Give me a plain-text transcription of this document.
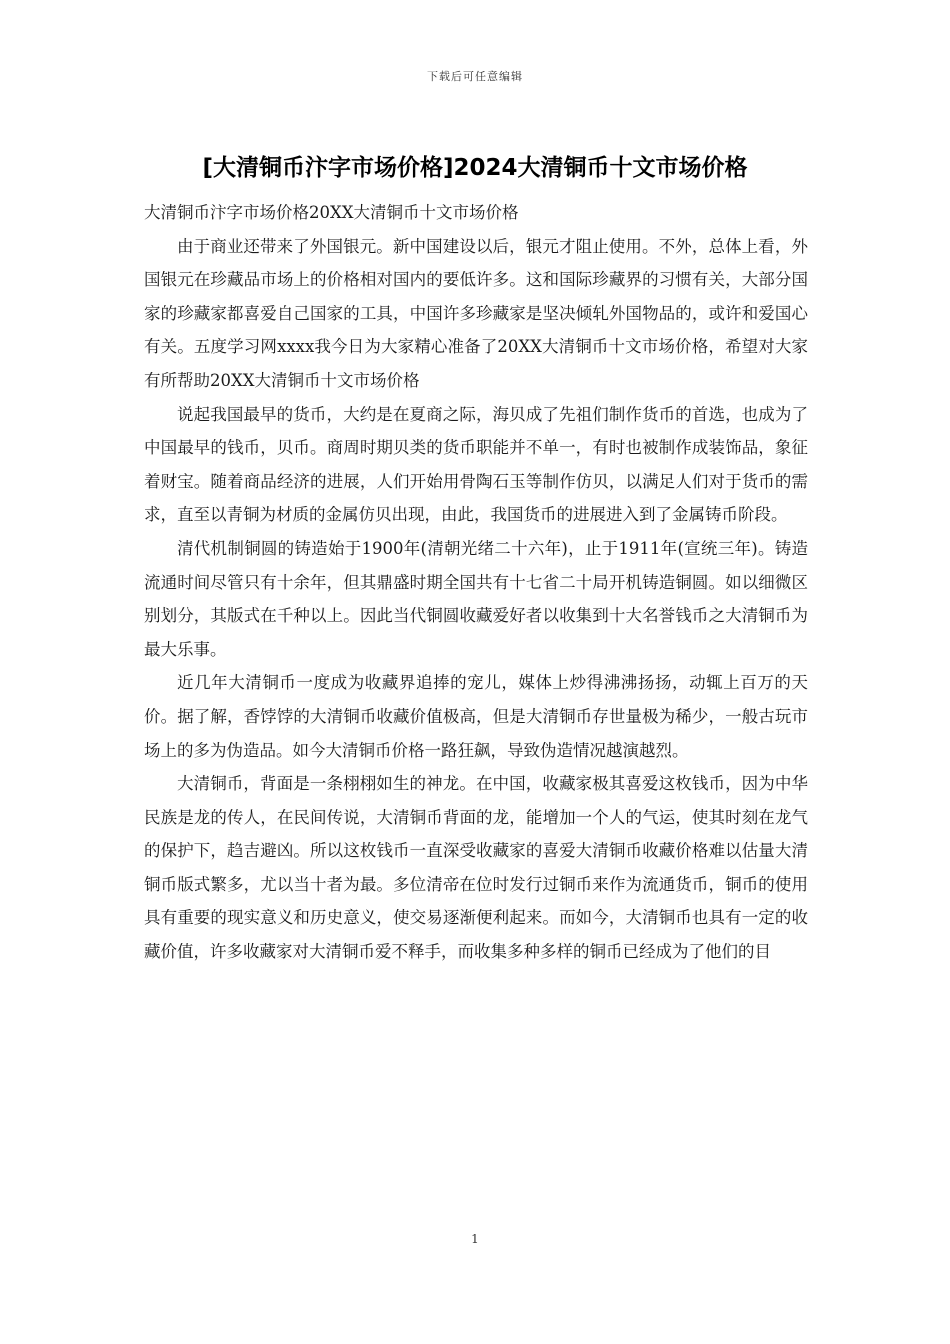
下载后可任意编辑
[大清铜币汴字市场价格]2024大清铜币十文市场价格

大清铜币汴字市场价格20XX大清铜币十文市场价格

由于商业还带来了外国银元。新中国建设以后，银元才阻止使用。不外，总体上看，外国银元在珍藏品市场上的价格相对国内的要低许多。这和国际珍藏界的习惯有关，大部分国家的珍藏家都喜爱自己国家的工具，中国许多珍藏家是坚决倾轧外国物品的，或许和爱国心有关。五度学习网xxxx我今日为大家精心准备了20XX大清铜币十文市场价格，希望对大家有所帮助20XX大清铜币十文市场价格

说起我国最早的货币，大约是在夏商之际，海贝成了先祖们制作货币的首选，也成为了中国最早的钱币，贝币。商周时期贝类的货币职能并不单一，有时也被制作成装饰品，象征着财宝。随着商品经济的进展，人们开始用骨陶石玉等制作仿贝，以满足人们对于货币的需求，直至以青铜为材质的金属仿贝出现，由此，我国货币的进展进入到了金属铸币阶段。

清代机制铜圆的铸造始于1900年(清朝光绪二十六年)，止于1911年(宣统三年)。铸造流通时间尽管只有十余年，但其鼎盛时期全国共有十七省二十局开机铸造铜圆。如以细微区别划分，其版式在千种以上。因此当代铜圆收藏爱好者以收集到十大名誉钱币之大清铜币为最大乐事。

近几年大清铜币一度成为收藏界追捧的宠儿，媒体上炒得沸沸扬扬，动辄上百万的天价。据了解，香饽饽的大清铜币收藏价值极高，但是大清铜币存世量极为稀少，一般古玩市场上的多为伪造品。如今大清铜币价格一路狂飙，导致伪造情况越演越烈。

大清铜币，背面是一条栩栩如生的神龙。在中国，收藏家极其喜爱这枚钱币，因为中华民族是龙的传人，在民间传说，大清铜币背面的龙，能增加一个人的气运，使其时刻在龙气的保护下，趋吉避凶。所以这枚钱币一直深受收藏家的喜爱大清铜币收藏价格难以估量大清铜币版式繁多，尤以当十者为最。多位清帝在位时发行过铜币来作为流通货币，铜币的使用具有重要的现实意义和历史意义，使交易逐渐便利起来。而如今，大清铜币也具有一定的收藏价值，许多收藏家对大清铜币爱不释手，而收集多种多样的铜币已经成为了他们的目

1
